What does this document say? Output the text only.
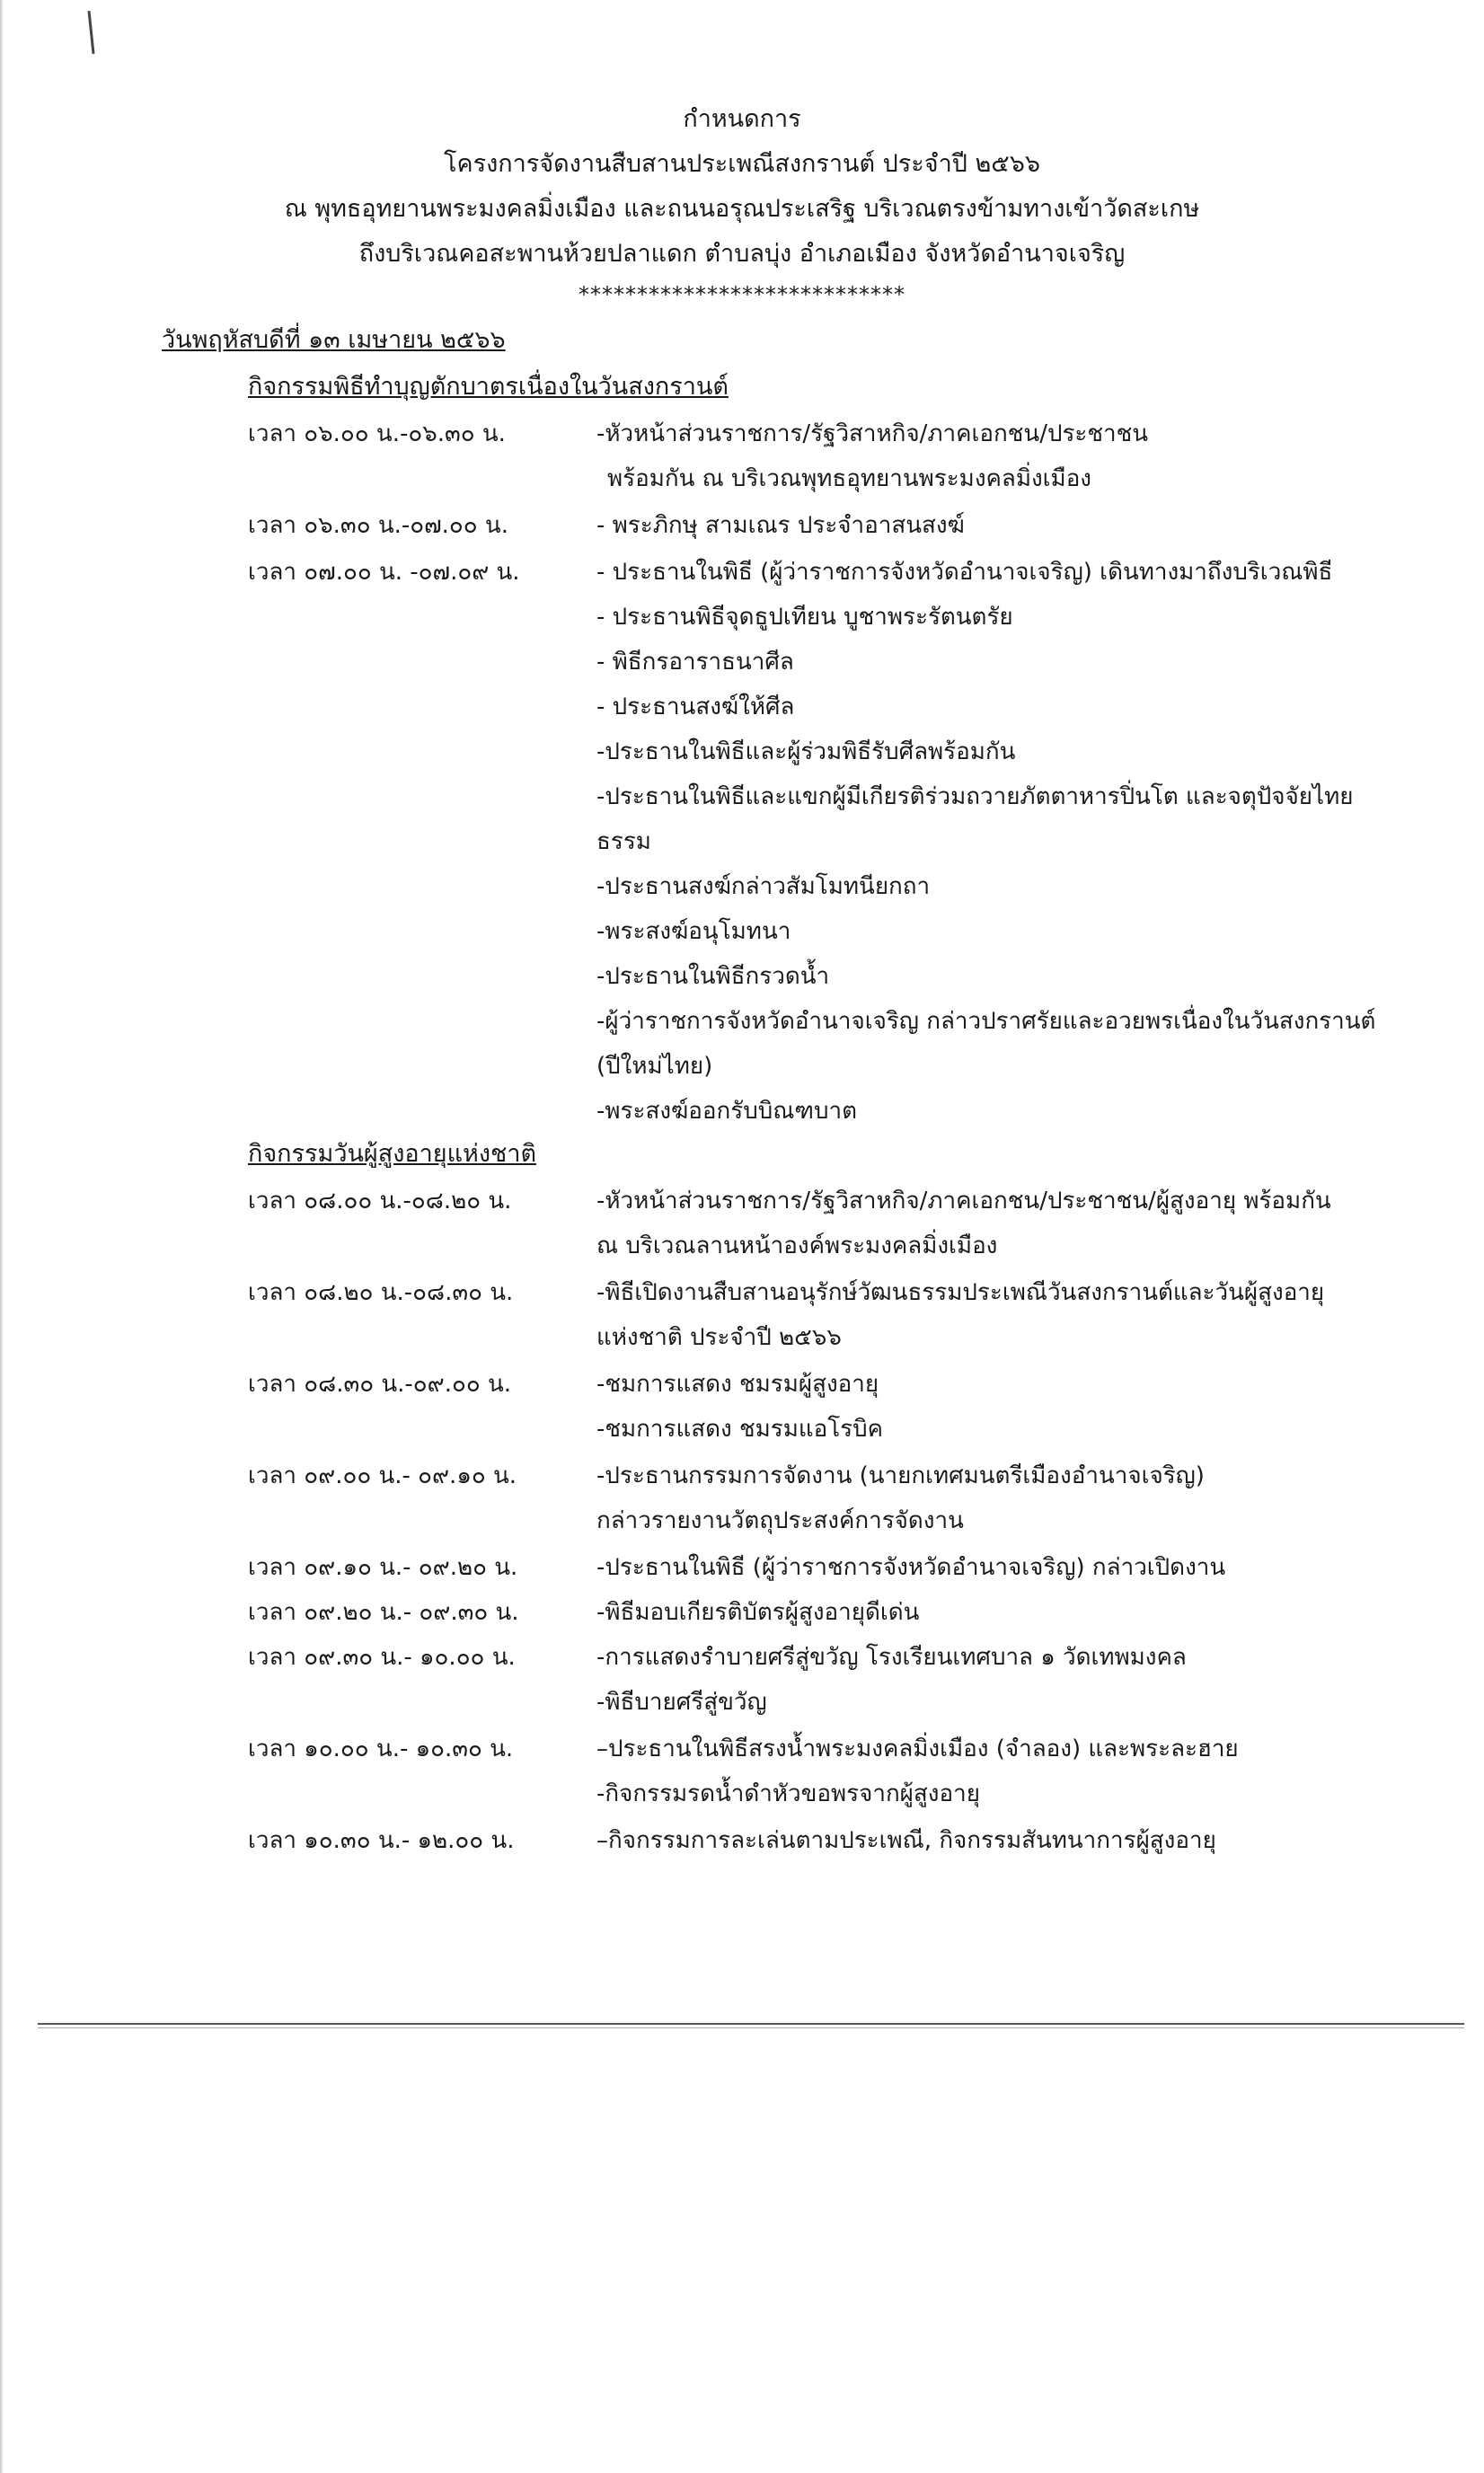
กำหนดการ
โครงการจัดงานสืบสานประเพณีสงกรานต์ ประจำปี ๒๕๖๖
ณ พุทธอุทยานพระมงคลมิ่งเมือง และถนนอรุณประเสริฐ บริเวณตรงข้ามทางเข้าวัดสะเกษ
ถึงบริเวณคอสะพานห้วยปลาแดก ตำบลบุ่ง อำเภอเมือง จังหวัดอำนาจเจริญ
****************************
วันพฤหัสบดีที่ ๑๓ เมษายน ๒๕๖๖
กิจกรรมพิธีทำบุญตักบาตรเนื่องในวันสงกรานต์
เวลา ๐๖.๐๐ น.-๐๖.๓๐ น.	-หัวหน้าส่วนราชการ/รัฐวิสาหกิจ/ภาคเอกชน/ประชาชน
พร้อมกัน ณ บริเวณพุทธอุทยานพระมงคลมิ่งเมือง
เวลา ๐๖.๓๐ น.-๐๗.๐๐ น.	- พระภิกษุ สามเณร ประจำอาสนสงฆ์
เวลา ๐๗.๐๐ น. -๐๗.๐๙ น.	- ประธานในพิธี (ผู้ว่าราชการจังหวัดอำนาจเจริญ) เดินทางมาถึงบริเวณพิธี
- ประธานพิธีจุดธูปเทียน บูชาพระรัตนตรัย
- พิธีกรอาราธนาศีล
- ประธานสงฆ์ให้ศีล
-ประธานในพิธีและผู้ร่วมพิธีรับศีลพร้อมกัน
-ประธานในพิธีและแขกผู้มีเกียรติร่วมถวายภัตตาหารปิ่นโต และจตุปัจจัยไทย
ธรรม
-ประธานสงฆ์กล่าวสัมโมทนียกถา
-พระสงฆ์อนุโมทนา
-ประธานในพิธีกรวดน้ำ
-ผู้ว่าราชการจังหวัดอำนาจเจริญ กล่าวปราศรัยและอวยพรเนื่องในวันสงกรานต์
(ปีใหม่ไทย)
-พระสงฆ์ออกรับบิณฑบาต
กิจกรรมวันผู้สูงอายุแห่งชาติ
เวลา ๐๘.๐๐ น.-๐๘.๒๐ น.	-หัวหน้าส่วนราชการ/รัฐวิสาหกิจ/ภาคเอกชน/ประชาชน/ผู้สูงอายุ พร้อมกัน
ณ บริเวณลานหน้าองค์พระมงคลมิ่งเมือง
เวลา ๐๘.๒๐ น.-๐๘.๓๐ น.	-พิธีเปิดงานสืบสานอนุรักษ์วัฒนธรรมประเพณีวันสงกรานต์และวันผู้สูงอายุ
แห่งชาติ ประจำปี ๒๕๖๖
เวลา ๐๘.๓๐ น.-๐๙.๐๐ น.	-ชมการแสดง ชมรมผู้สูงอายุ
-ชมการแสดง ชมรมแอโรบิค
เวลา ๐๙.๐๐ น.- ๐๙.๑๐ น.	-ประธานกรรมการจัดงาน (นายกเทศมนตรีเมืองอำนาจเจริญ)
กล่าวรายงานวัตถุประสงค์การจัดงาน
เวลา ๐๙.๑๐ น.- ๐๙.๒๐ น.	-ประธานในพิธี (ผู้ว่าราชการจังหวัดอำนาจเจริญ) กล่าวเปิดงาน
เวลา ๐๙.๒๐ น.- ๐๙.๓๐ น.	-พิธีมอบเกียรติบัตรผู้สูงอายุดีเด่น
เวลา ๐๙.๓๐ น.- ๑๐.๐๐ น.	-การแสดงรำบายศรีสู่ขวัญ โรงเรียนเทศบาล ๑ วัดเทพมงคล
-พิธีบายศรีสู่ขวัญ
เวลา ๑๐.๐๐ น.- ๑๐.๓๐ น.	–ประธานในพิธีสรงน้ำพระมงคลมิ่งเมือง (จำลอง) และพระละฮาย
-กิจกรรมรดน้ำดำหัวขอพรจากผู้สูงอายุ
เวลา ๑๐.๓๐ น.- ๑๒.๐๐ น.	–กิจกรรมการละเล่นตามประเพณี, กิจกรรมสันทนาการผู้สูงอายุ
